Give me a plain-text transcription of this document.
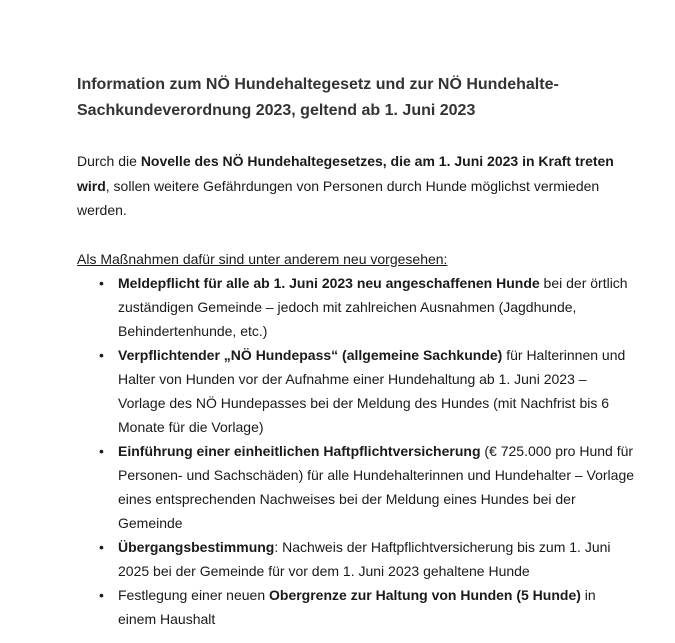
Information zum NÖ Hundehaltegesetz und zur NÖ Hundehalte-
Sachkundeverordnung 2023, geltend ab 1. Juni 2023

Durch die Novelle des NÖ Hundehaltegesetzes, die am 1. Juni 2023 in Kraft treten wird, sollen weitere Gefährdungen von Personen durch Hunde möglichst vermieden werden.

Als Maßnahmen dafür sind unter anderem neu vorgesehen:

• Meldepflicht für alle ab 1. Juni 2023 neu angeschaffenen Hunde bei der örtlich zuständigen Gemeinde – jedoch mit zahlreichen Ausnahmen (Jagdhunde, Behindertenhunde, etc.)
• Verpflichtender „NÖ Hundepass“ (allgemeine Sachkunde) für Halterinnen und Halter von Hunden vor der Aufnahme einer Hundehaltung ab 1. Juni 2023 – Vorlage des NÖ Hundepasses bei der Meldung des Hundes (mit Nachfrist bis 6 Monate für die Vorlage)
• Einführung einer einheitlichen Haftpflichtversicherung (€ 725.000 pro Hund für Personen- und Sachschäden) für alle Hundehalterinnen und Hundehalter – Vorlage eines entsprechenden Nachweises bei der Meldung eines Hundes bei der Gemeinde
• Übergangsbestimmung: Nachweis der Haftpflichtversicherung bis zum 1. Juni 2025 bei der Gemeinde für vor dem 1. Juni 2023 gehaltene Hunde
• Festlegung einer neuen Obergrenze zur Haltung von Hunden (5 Hunde) in einem Haushalt
